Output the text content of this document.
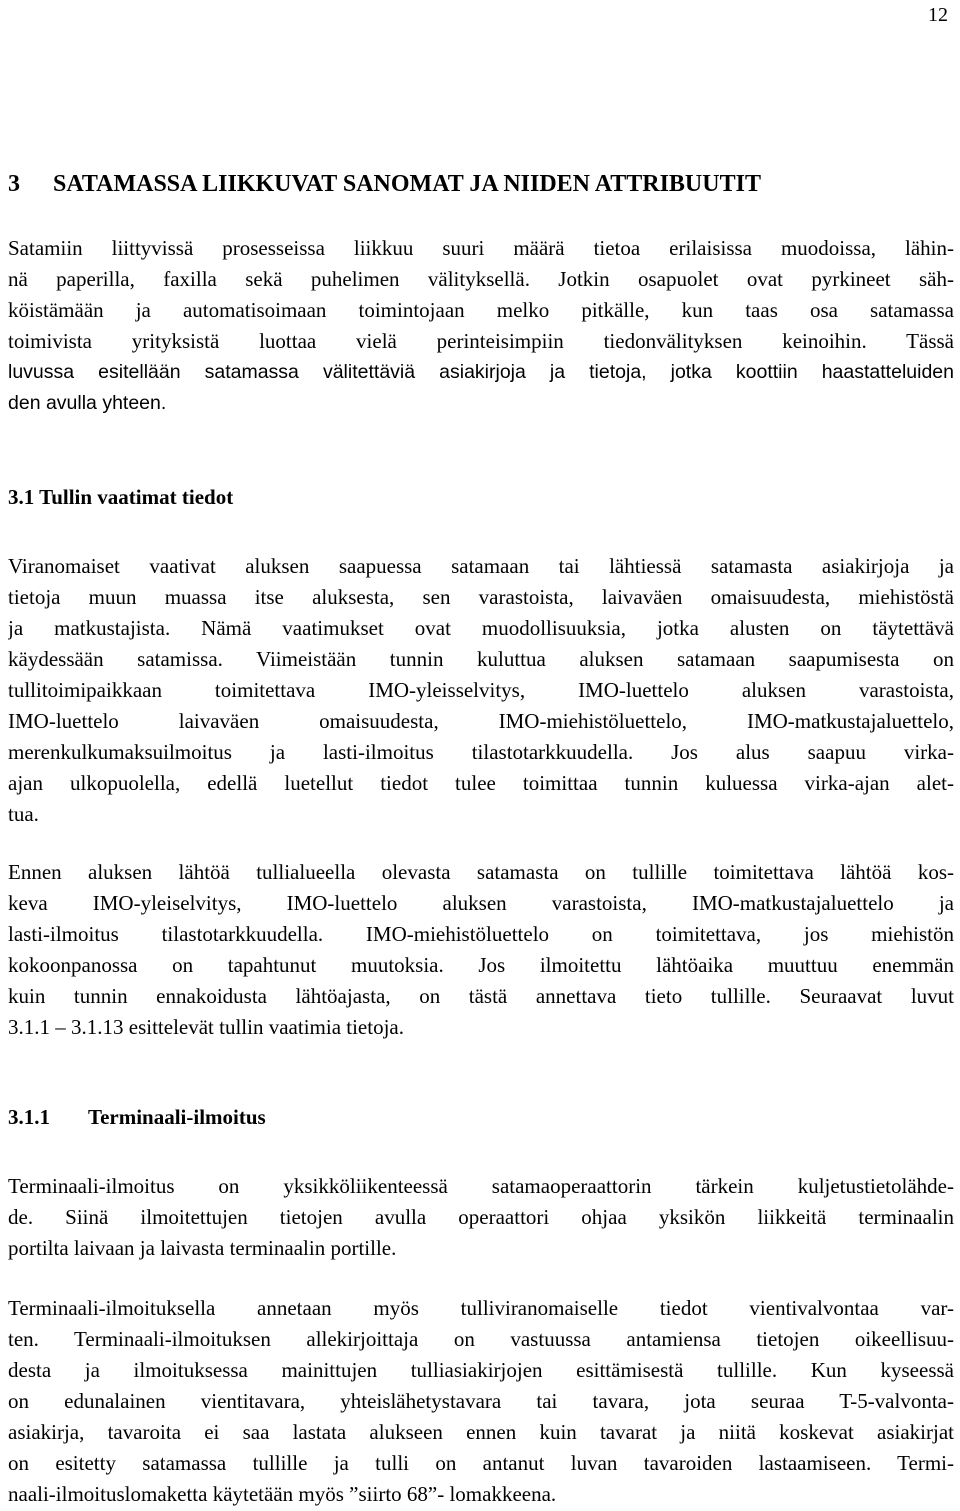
12
3 SATAMASSA LIIKKUVAT SANOMAT JA NIIDEN ATTRIBUUTIT
Satamiin liittyvissä prosesseissa liikkuu suuri määrä tietoa erilaisissa muodoissa, lähin-
nä paperilla, faxilla sekä puhelimen välityksellä. Jotkin osapuolet ovat pyrkineet säh-
köistämään ja automatisoimaan toimintojaan melko pitkälle, kun taas osa satamassa
toimivista yrityksistä luottaa vielä perinteisimpiin tiedonvälityksen keinoihin. Tässä
luvussa esitellään satamassa välitettäviä asiakirjoja ja tietoja, jotka koottiin haastatteluiden
den avulla yhteen.
3.1 Tullin vaatimat tiedot
Viranomaiset vaativat aluksen saapuessa satamaan tai lähtiessä satamasta asiakirjoja ja
tietoja muun muassa itse aluksesta, sen varastoista, laivaväen omaisuudesta, miehistöstä
ja matkustajista. Nämä vaatimukset ovat muodollisuuksia, jotka alusten on täytettävä
käydessään satamissa. Viimeistään tunnin kuluttua aluksen satamaan saapumisesta on
tullitoimipaikkaan toimitettava IMO-yleisselvitys, IMO-luettelo aluksen varastoista,
IMO-luettelo laivaväen omaisuudesta, IMO-miehistöluettelo, IMO-matkustajaluettelo,
merenkulkumaksuilmoitus ja lasti-ilmoitus tilastotarkkuudella. Jos alus saapuu virka-
ajan ulkopuolella, edellä luetellut tiedot tulee toimittaa tunnin kuluessa virka-ajan alet-
tua.
Ennen aluksen lähtöä tullialueella olevasta satamasta on tullille toimitettava lähtöä kos-
keva IMO-yleiselvitys, IMO-luettelo aluksen varastoista, IMO-matkustajaluettelo ja
lasti-ilmoitus tilastotarkkuudella. IMO-miehistöluettelo on toimitettava, jos miehistön
kokoonpanossa on tapahtunut muutoksia. Jos ilmoitettu lähtöaika muuttuu enemmän
kuin tunnin ennakoidusta lähtöajasta, on tästä annettava tieto tullille. Seuraavat luvut
3.1.1 – 3.1.13 esittelevät tullin vaatimia tietoja.
3.1.1 Terminaali-ilmoitus
Terminaali-ilmoitus on yksikköliikenteessä satamaoperaattorin tärkein kuljetustietolähde-
de. Siinä ilmoitettujen tietojen avulla operaattori ohjaa yksikön liikkeitä terminaalin
portilta laivaan ja laivasta terminaalin portille.
Terminaali-ilmoituksella annetaan myös tulliviranomaiselle tiedot vientivalvontaa var-
ten. Terminaali-ilmoituksen allekirjoittaja on vastuussa antamiensa tietojen oikeellisuu-
desta ja ilmoituksessa mainittujen tulliasiakirjojen esittämisestä tullille. Kun kyseessä
on edunalainen vientitavara, yhteislähetystavara tai tavara, jota seuraa T-5-valvonta-
asiakirja, tavaroita ei saa lastata alukseen ennen kuin tavarat ja niitä koskevat asiakirjat
on esitetty satamassa tullille ja tulli on antanut luvan tavaroiden lastaamiseen. Termi-
naali-ilmoituslomaketta käytetään myös ”siirto 68”- lomakkeena.
